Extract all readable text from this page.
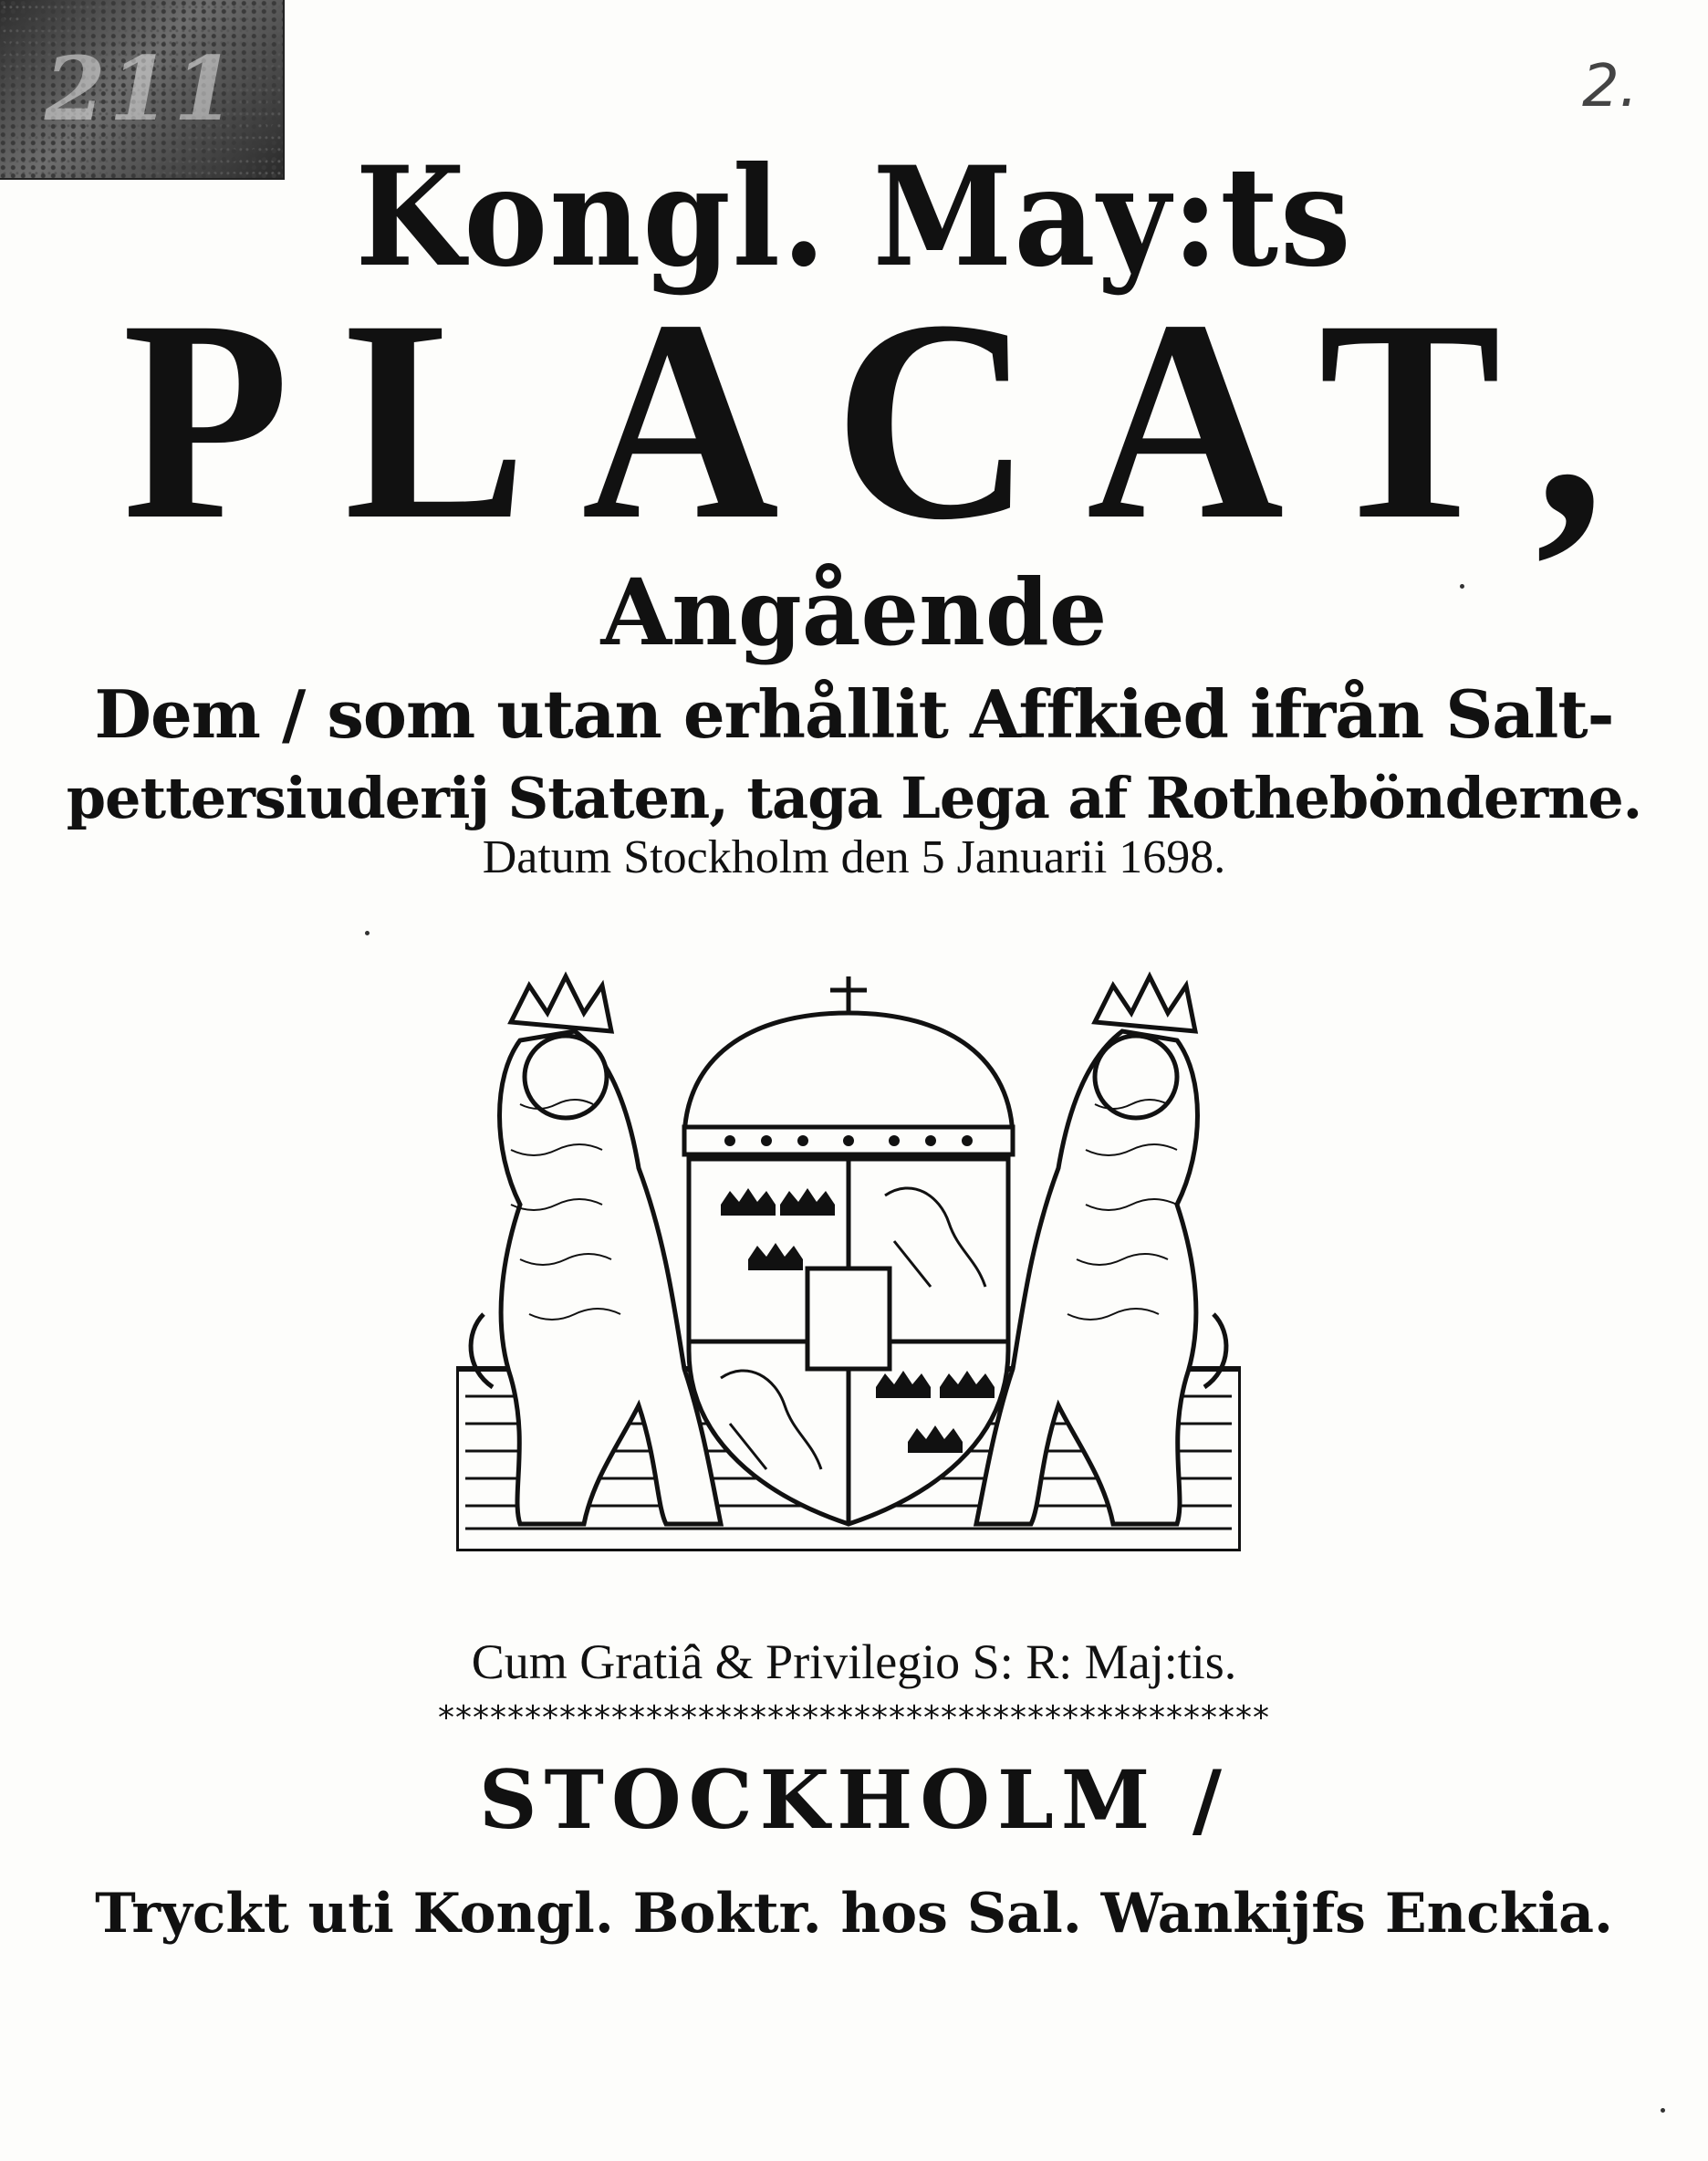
211	2.
Kongl. May:ts
PLACAT,
Angående
Dem / som utan erhållit Affkied ifrån Salt-
pettersiuderij Staten, taga Lega af Rothebönderne.
Datum Stockholm den 5 Januarii 1698.
Cum Gratiâ & Privilegio S: R: Maj:tis.
************************************************
STOCKHOLM /
Tryckt uti Kongl. Boktr. hos Sal. Wankijfs Enckia.
